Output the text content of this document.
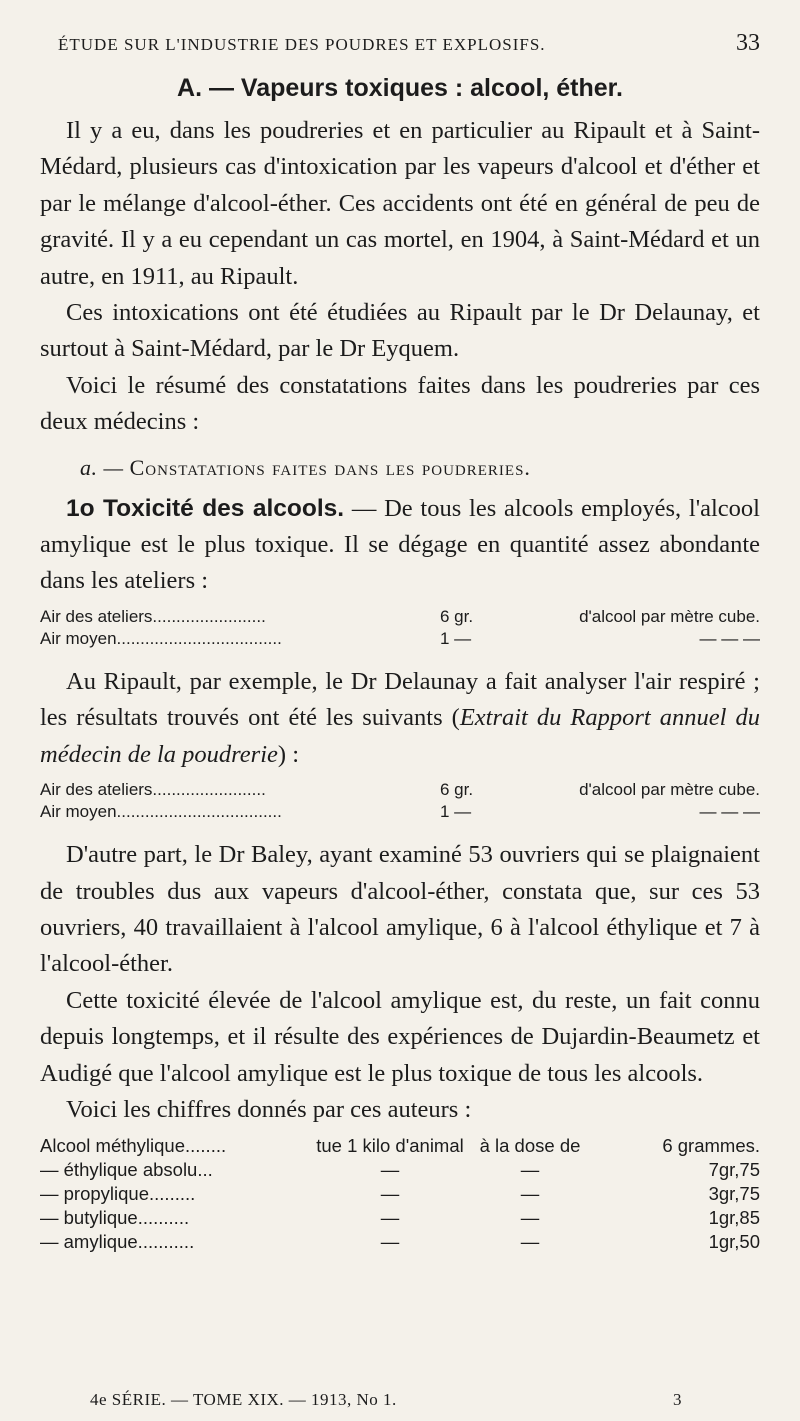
ÉTUDE SUR L'INDUSTRIE DES POUDRES ET EXPLOSIFS.	33
A. — Vapeurs toxiques : alcool, éther.

Il y a eu, dans les poudreries et en particulier au Ripault et à Saint-Médard, plusieurs cas d'intoxication par les vapeurs d'alcool et d'éther et par le mélange d'alcool-éther. Ces accidents ont été en général de peu de gravité. Il y a eu cependant un cas mortel, en 1904, à Saint-Médard et un autre, en 1911, au Ripault.

Ces intoxications ont été étudiées au Ripault par le Dr Delaunay, et surtout à Saint-Médard, par le Dr Eyquem.

Voici le résumé des constatations faites dans les poudreries par ces deux médecins :

a. — Constatations faites dans les poudreries.

1o Toxicité des alcools. — De tous les alcools employés, l'alcool amylique est le plus toxique. Il se dégage en quantité assez abondante dans les ateliers :

Air des ateliers........................	6 gr.	d'alcool par mètre cube.
Air moyen...................................	1 —	— — —

Au Ripault, par exemple, le Dr Delaunay a fait analyser l'air respiré ; les résultats trouvés ont été les suivants (Extrait du Rapport annuel du médecin de la poudrerie) :

Air des ateliers........................	6 gr.	d'alcool par mètre cube.
Air moyen...................................	1 —	— — —

D'autre part, le Dr Baley, ayant examiné 53 ouvriers qui se plaignaient de troubles dus aux vapeurs d'alcool-éther, constata que, sur ces 53 ouvriers, 40 travaillaient à l'alcool amylique, 6 à l'alcool éthylique et 7 à l'alcool-éther.

Cette toxicité élevée de l'alcool amylique est, du reste, un fait connu depuis longtemps, et il résulte des expériences de Dujardin-Beaumetz et Audigé que l'alcool amylique est le plus toxique de tous les alcools.

Voici les chiffres donnés par ces auteurs :

Alcool méthylique........	tue 1 kilo d'animal	à la dose de	6 grammes.
— éthylique absolu...	—	—	7gr,75
— propylique.........	—	—	3gr,75
— butylique..........	—	—	1gr,85
— amylique...........	—	—	1gr,50
4e SÉRIE. — TOME XIX. — 1913, No 1.	3
